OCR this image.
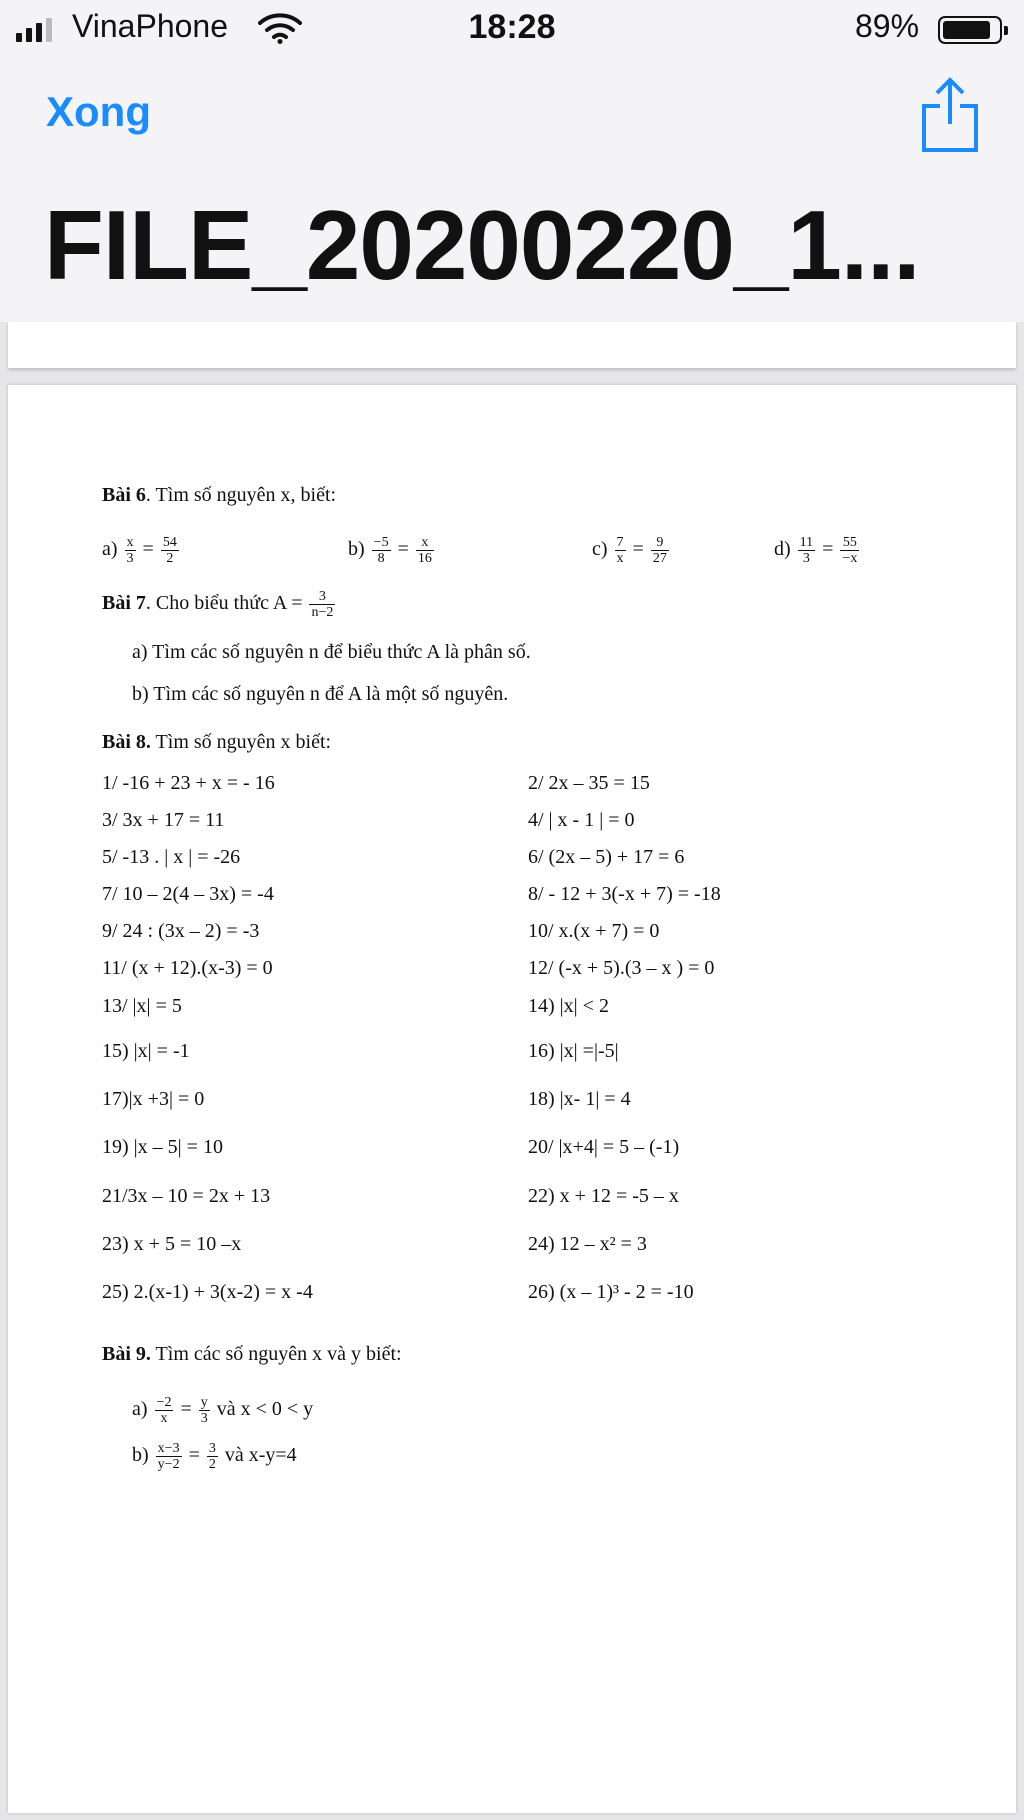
VinaPhone	18:28	89%
Xong
FILE_20200220_1...
Bài 6. Tìm số nguyên x, biết:
$a) \frac{x}{3} = \frac{54}{2}$	$b) \frac{-5}{8} = \frac{x}{16}$	$c) \frac{7}{x} = \frac{9}{27}$	$d) \frac{11}{3} = \frac{55}{-x}$
Bài 7. Cho biểu thức $A = \frac{3}{n-2}$
a) Tìm các số nguyên n để biểu thức A là phân số.
b) Tìm các số nguyên n để A là một số nguyên.
Bài 8. Tìm số nguyên x biết:
1/ -16 + 23 + x = - 16	2/ 2x – 35 = 15
3/ 3x + 17 = 11	4/ | x - 1 | = 0
5/ -13 . | x | = -26	6/ (2x – 5) + 17 = 6
7/ 10 – 2(4 – 3x) = -4	8/ - 12 + 3(-x + 7) = -18
9/ 24 : (3x – 2) = -3	10/ x.(x + 7) = 0
11/ (x + 12).(x-3) = 0	12/ (-x + 5).(3 – x ) = 0
13/ |x| = 5	14) |x| < 2
15) |x| = -1	16) |x| =|-5|
17)|x +3| = 0	18) |x- 1| = 4
19) |x – 5| = 10	20/ |x+4| = 5 – (-1)
21/3x – 10 = 2x + 13	22) x + 12 = -5 – x
23) x + 5 = 10 –x	24) 12 – x² = 3
25) 2.(x-1) + 3(x-2) = x -4	26) (x – 1)³ - 2 = -10
Bài 9. Tìm các số nguyên x và y biết:
$a) \frac{-2}{x} = \frac{y}{3}$ và x < 0 < y
$b) \frac{x-3}{y-2} = \frac{3}{2}$ và x-y=4
